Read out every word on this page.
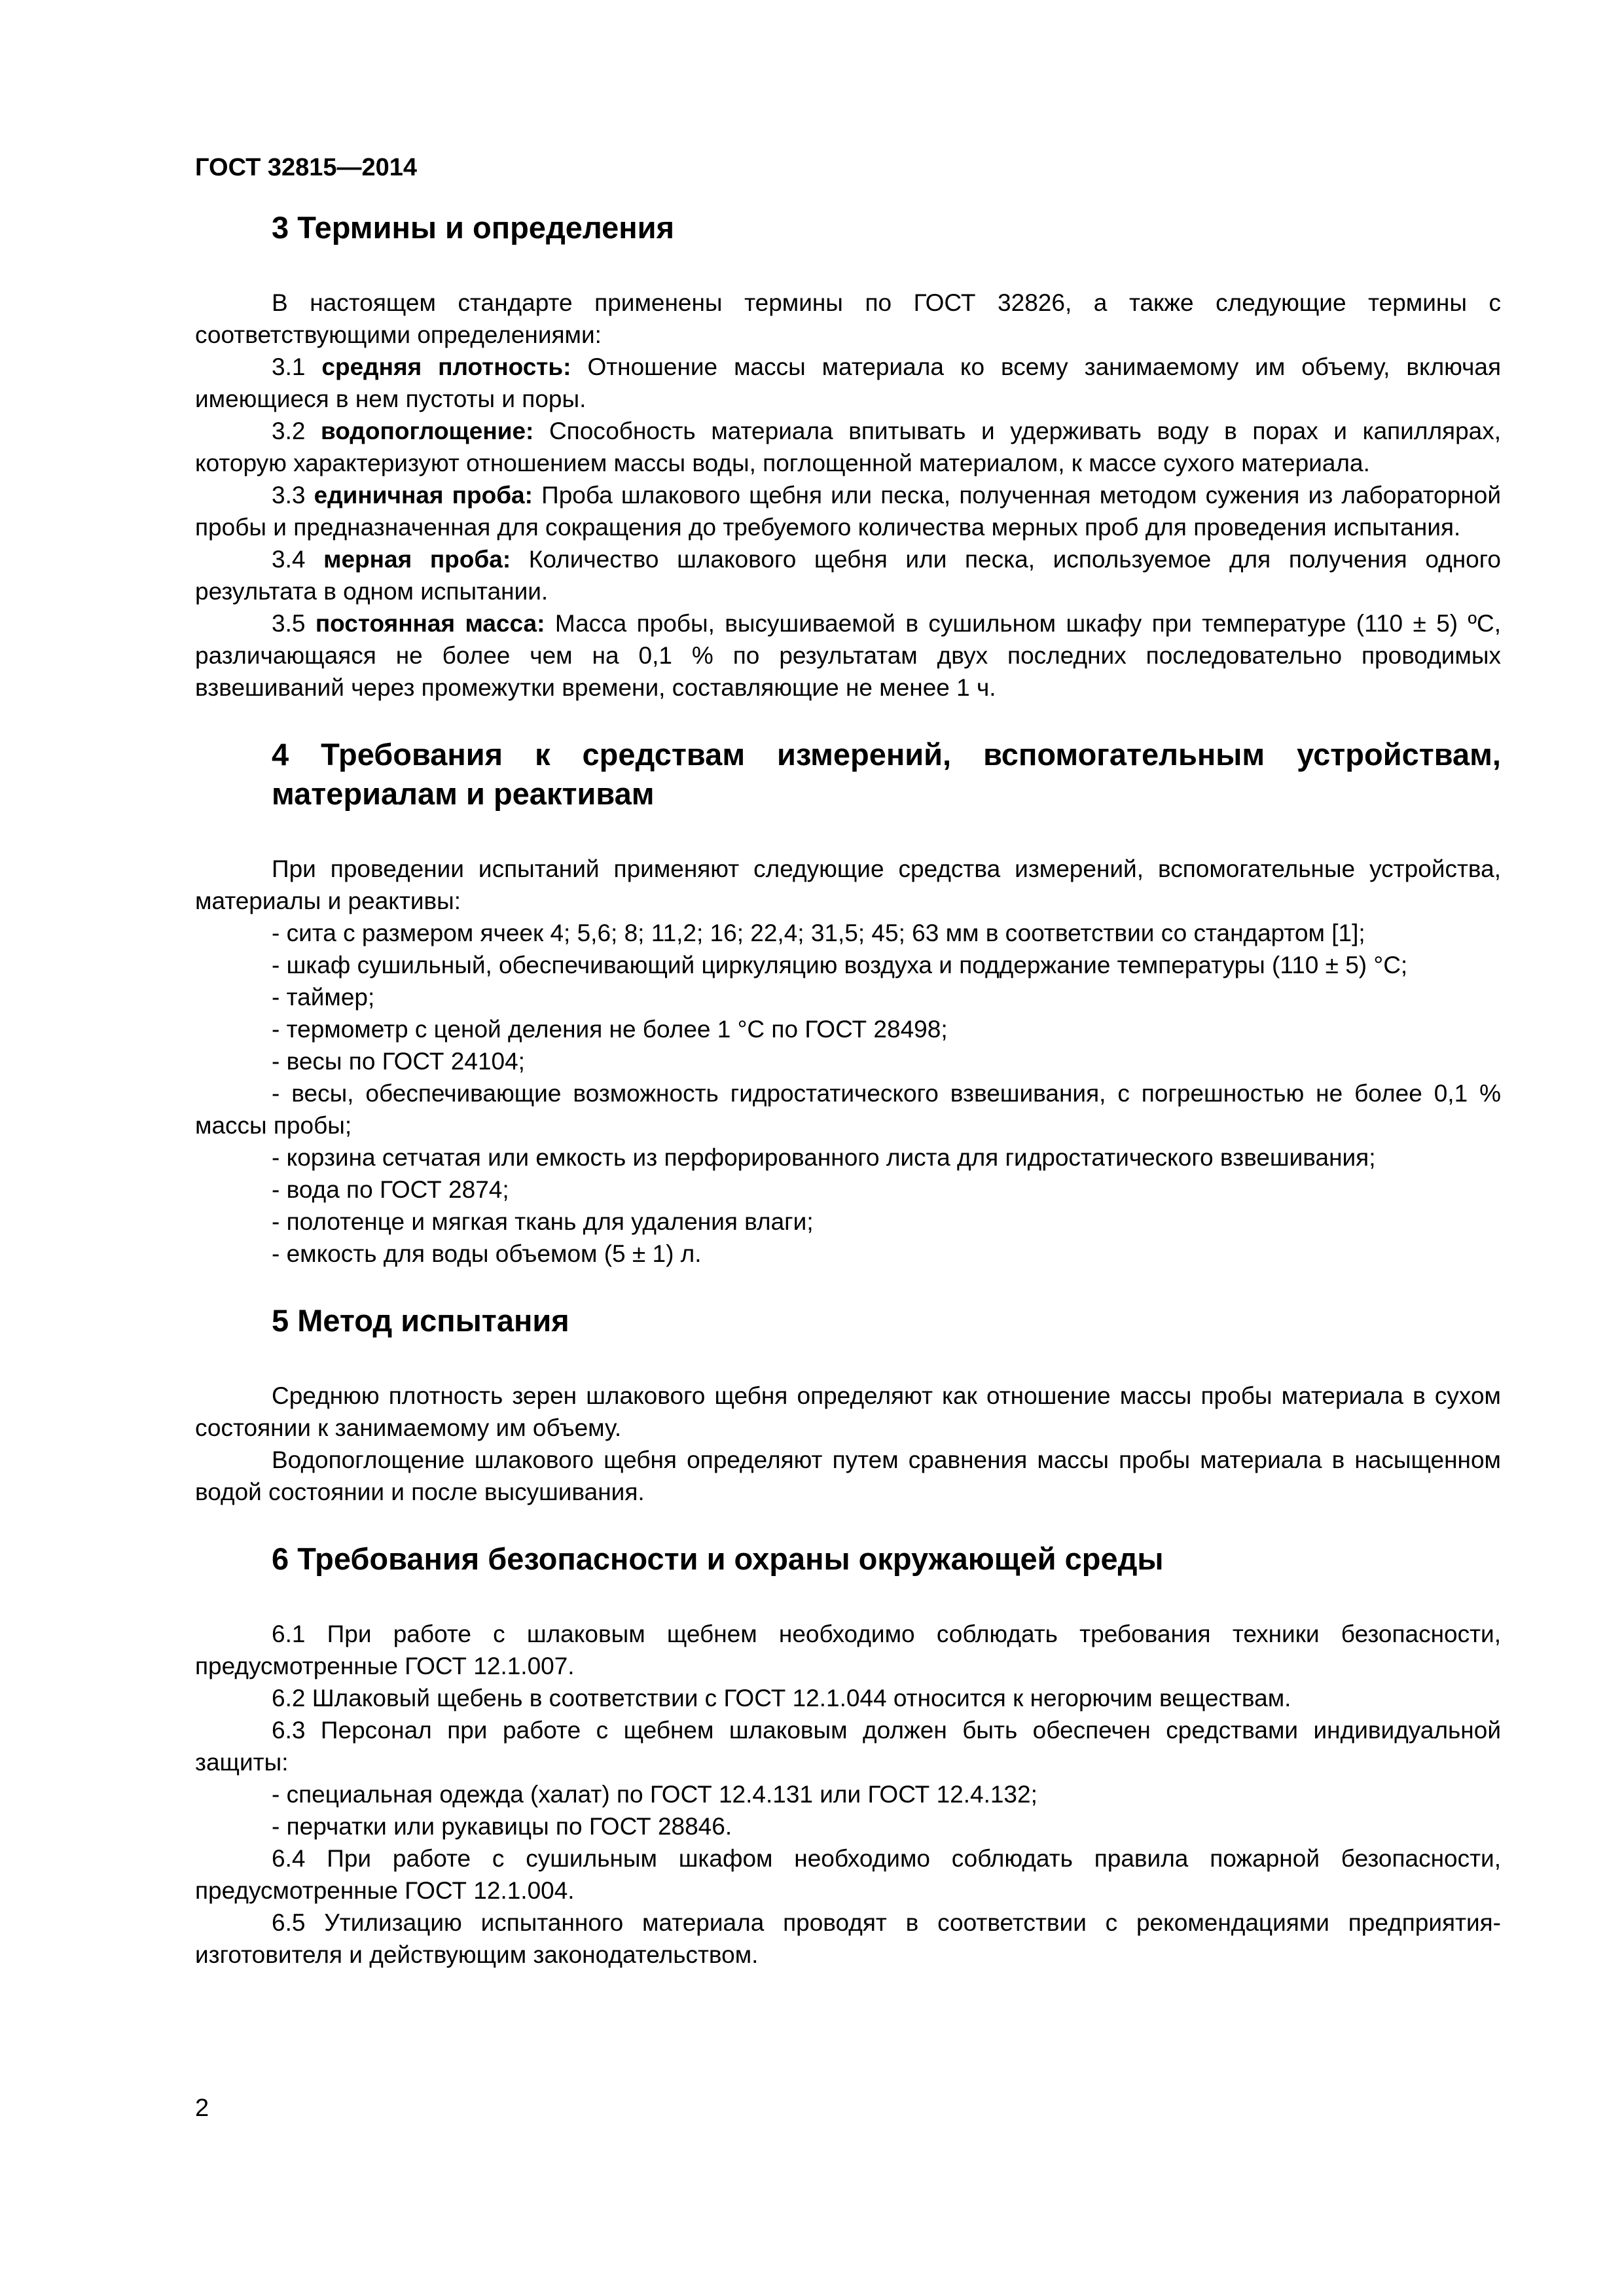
ГОСТ 32815—2014
3 Термины и определения

В настоящем стандарте применены термины по ГОСТ 32826, а также следующие термины с соответствующими определениями:

3.1 средняя плотность: Отношение массы материала ко всему занимаемому им объему, включая имеющиеся в нем пустоты и поры.

3.2 водопоглощение: Способность материала впитывать и удерживать воду в порах и капиллярах, которую характеризуют отношением массы воды, поглощенной материалом, к массе сухого материала.

3.3 единичная проба: Проба шлакового щебня или песка, полученная методом сужения из лабораторной пробы и предназначенная для сокращения до требуемого количества мерных проб для проведения испытания.

3.4 мерная проба: Количество шлакового щебня или песка, используемое для получения одного результата в одном испытании.

3.5 постоянная масса: Масса пробы, высушиваемой в сушильном шкафу при температуре (110 ± 5) ºC, различающаяся не более чем на 0,1 % по результатам двух последних последовательно проводимых взвешиваний через промежутки времени, составляющие не менее 1 ч.

4 Требования к средствам измерений, вспомогательным устройствам, материалам и реактивам

При проведении испытаний применяют следующие средства измерений, вспомогательные устройства, материалы и реактивы:

- сита с размером ячеек 4; 5,6; 8; 11,2; 16; 22,4; 31,5; 45; 63 мм в соответствии со стандартом [1];

- шкаф сушильный, обеспечивающий циркуляцию воздуха и поддержание температуры (110 ± 5) °С;

- таймер;

- термометр с ценой деления не более 1 °С по ГОСТ 28498;

- весы по ГОСТ 24104;

- весы, обеспечивающие возможность гидростатического взвешивания, с погрешностью не более 0,1 % массы пробы;

- корзина сетчатая или емкость из перфорированного листа для гидростатического взвешивания;

- вода по ГОСТ 2874;

- полотенце и мягкая ткань для удаления влаги;

- емкость для воды объемом (5 ± 1) л.

5 Метод испытания

Среднюю плотность зерен шлакового щебня определяют как отношение массы пробы материала в сухом состоянии к занимаемому им объему.

Водопоглощение шлакового щебня определяют путем сравнения массы пробы материала в насыщенном водой состоянии и после высушивания.

6 Требования безопасности и охраны окружающей среды

6.1 При работе с шлаковым щебнем необходимо соблюдать требования техники безопасности, предусмотренные ГОСТ 12.1.007.

6.2 Шлаковый щебень в соответствии с ГОСТ 12.1.044 относится к негорючим веществам.

6.3 Персонал при работе с щебнем шлаковым должен быть обеспечен средствами индивидуальной защиты:

- специальная одежда (халат) по ГОСТ 12.4.131 или ГОСТ 12.4.132;

- перчатки или рукавицы по ГОСТ 28846.

6.4 При работе с сушильным шкафом необходимо соблюдать правила пожарной безопасности, предусмотренные ГОСТ 12.1.004.

6.5 Утилизацию испытанного материала проводят в соответствии с рекомендациями предприятия-изготовителя и действующим законодательством.

2
